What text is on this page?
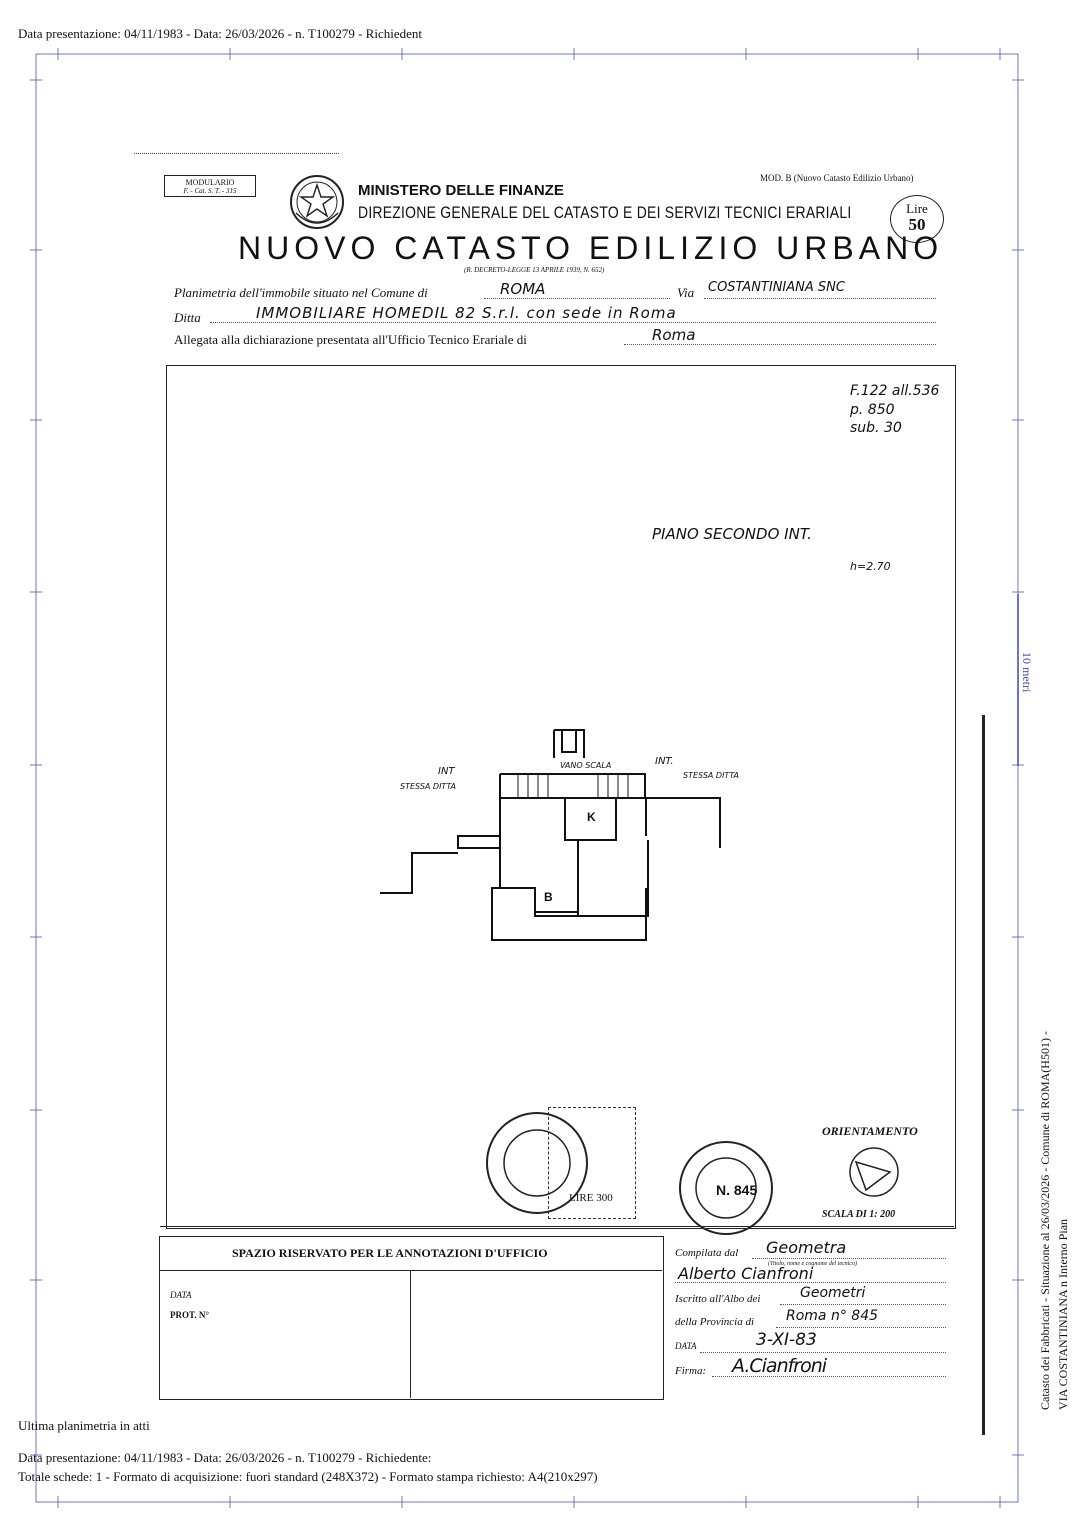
Data presentazione: 04/11/1983 - Data: 26/03/2026 - n. T100279 - Richiedent
10 metri
MODULARIO
F. - Cat. S. T. - 315
MOD. B (Nuovo Catasto Edilizio Urbano)
MINISTERO DELLE FINANZE
DIREZIONE GENERALE DEL CATASTO E DEI SERVIZI TECNICI ERARIALI	Lire
50
NUOVO CATASTO EDILIZIO URBANO
(R. DECRETO-LEGGE 13 APRILE 1939, N. 652)
Planimetria dell'immobile situato nel Comune di	ROMA	Via COSTANTINIANA SNC
Ditta	IMMOBILIARE HOMEDIL 82 S.r.l. con sede in Roma
Allegata alla dichiarazione presentata all'Ufficio Tecnico Erariale di	Roma
F.122 all.536
p. 850
sub. 30
PIANO SECONDO INT.
h=2.70
INT
STESSA DITTA
VANO SCALA	INT.
STESSA DITTA
K
B
LIRE 300	N. 845
ORIENTAMENTO
SCALA DI 1: 200
SPAZIO RISERVATO PER LE ANNOTAZIONI D'UFFICIO
DATA
PROT. N°
Compilata dal Geometra
(Titolo, nome e cognome del tecnico)
Alberto Cianfroni
Iscritto all'Albo dei	Geometri
della Provincia di Roma n° 845
DATA	3-XI-83
Firma: A.Cianfroni	Catasto dei Fabbricati - Situazione al 26/03/2026 - Comune di ROMA(H501) - VIA COSTANTINIANA n Interno Pian
Ultima planimetria in atti
Data presentazione: 04/11/1983 - Data: 26/03/2026 - n. T100279 - Richiedente:
Totale schede: 1 - Formato di acquisizione: fuori standard (248X372) - Formato stampa richiesto: A4(210x297)
